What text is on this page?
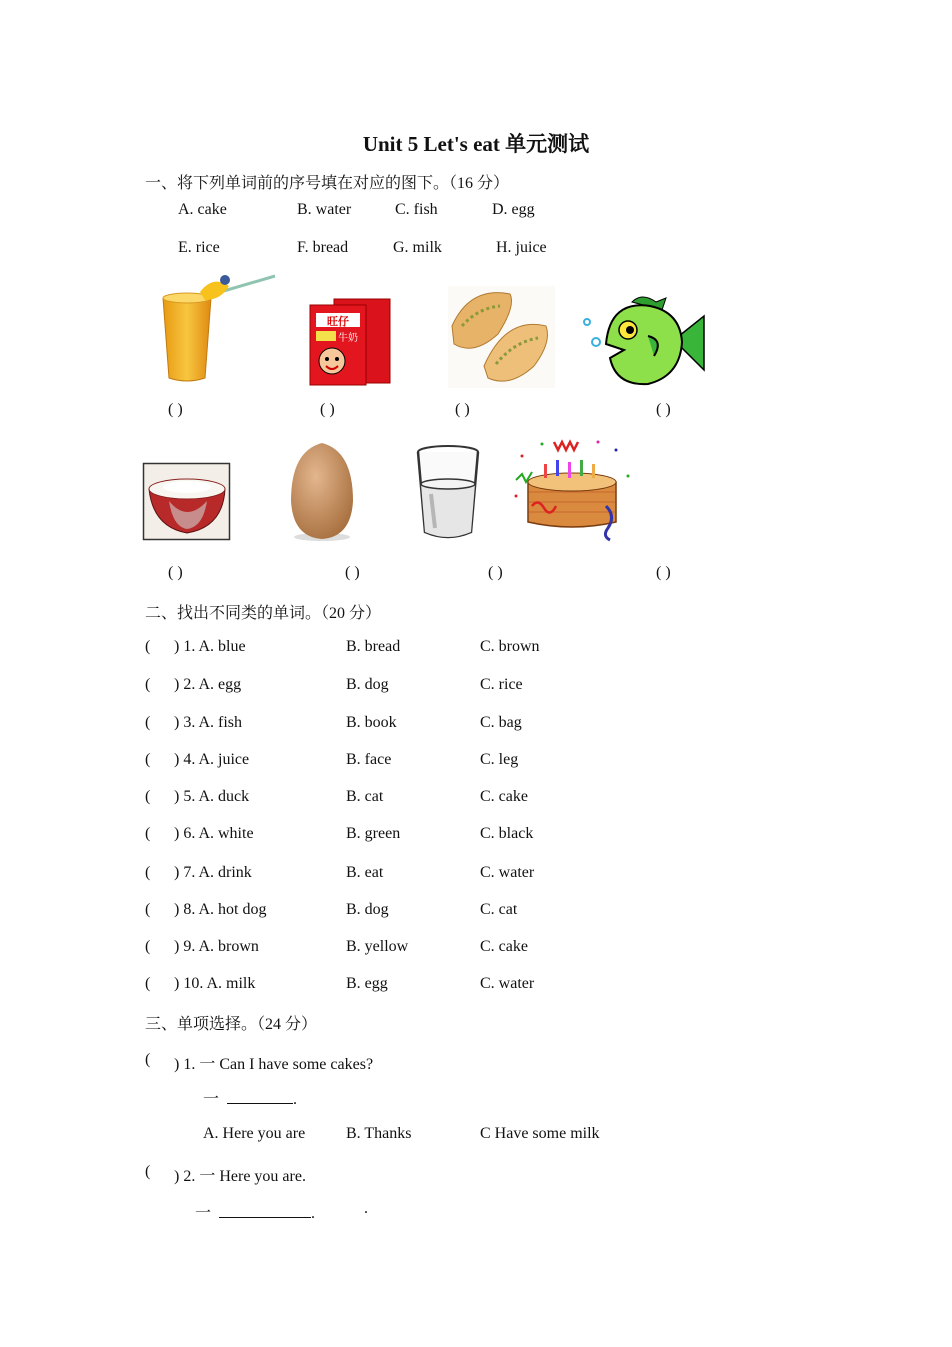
Unit 5 Let's eat 单元测试
一、将下列单词前的序号填在对应的图下。（16 分）
A. cake	B. water	C. fish	D. egg
E. rice	F. bread	G. milk	H. juice
旺仔
牛奶
( )	( )	( )	( )
( )	( )	( )	( )
二、找出不同类的单词。（20 分）
( ) 1. A. blue	B. bread	C. brown
( ) 2. A. egg	B. dog	C. rice
( ) 3. A. fish	B. book	C. bag
( ) 4. A. juice	B. face	C. leg
( ) 5. A. duck	B. cat	C. cake
( ) 6. A. white	B. green	C. black
( ) 7. A. drink	B. eat	C. water
( ) 8. A. hot dog	B. dog	C. cat
( ) 9. A. brown	B. yellow	C. cake
( ) 10. A. milk	B. egg	C. water
三、单项选择。（24 分）
( ) 1. 一 Can I have some cakes?
一	.
A. Here you are	B. Thanks	C Have some milk
( ) 2. 一 Here you are.
一	.	.
